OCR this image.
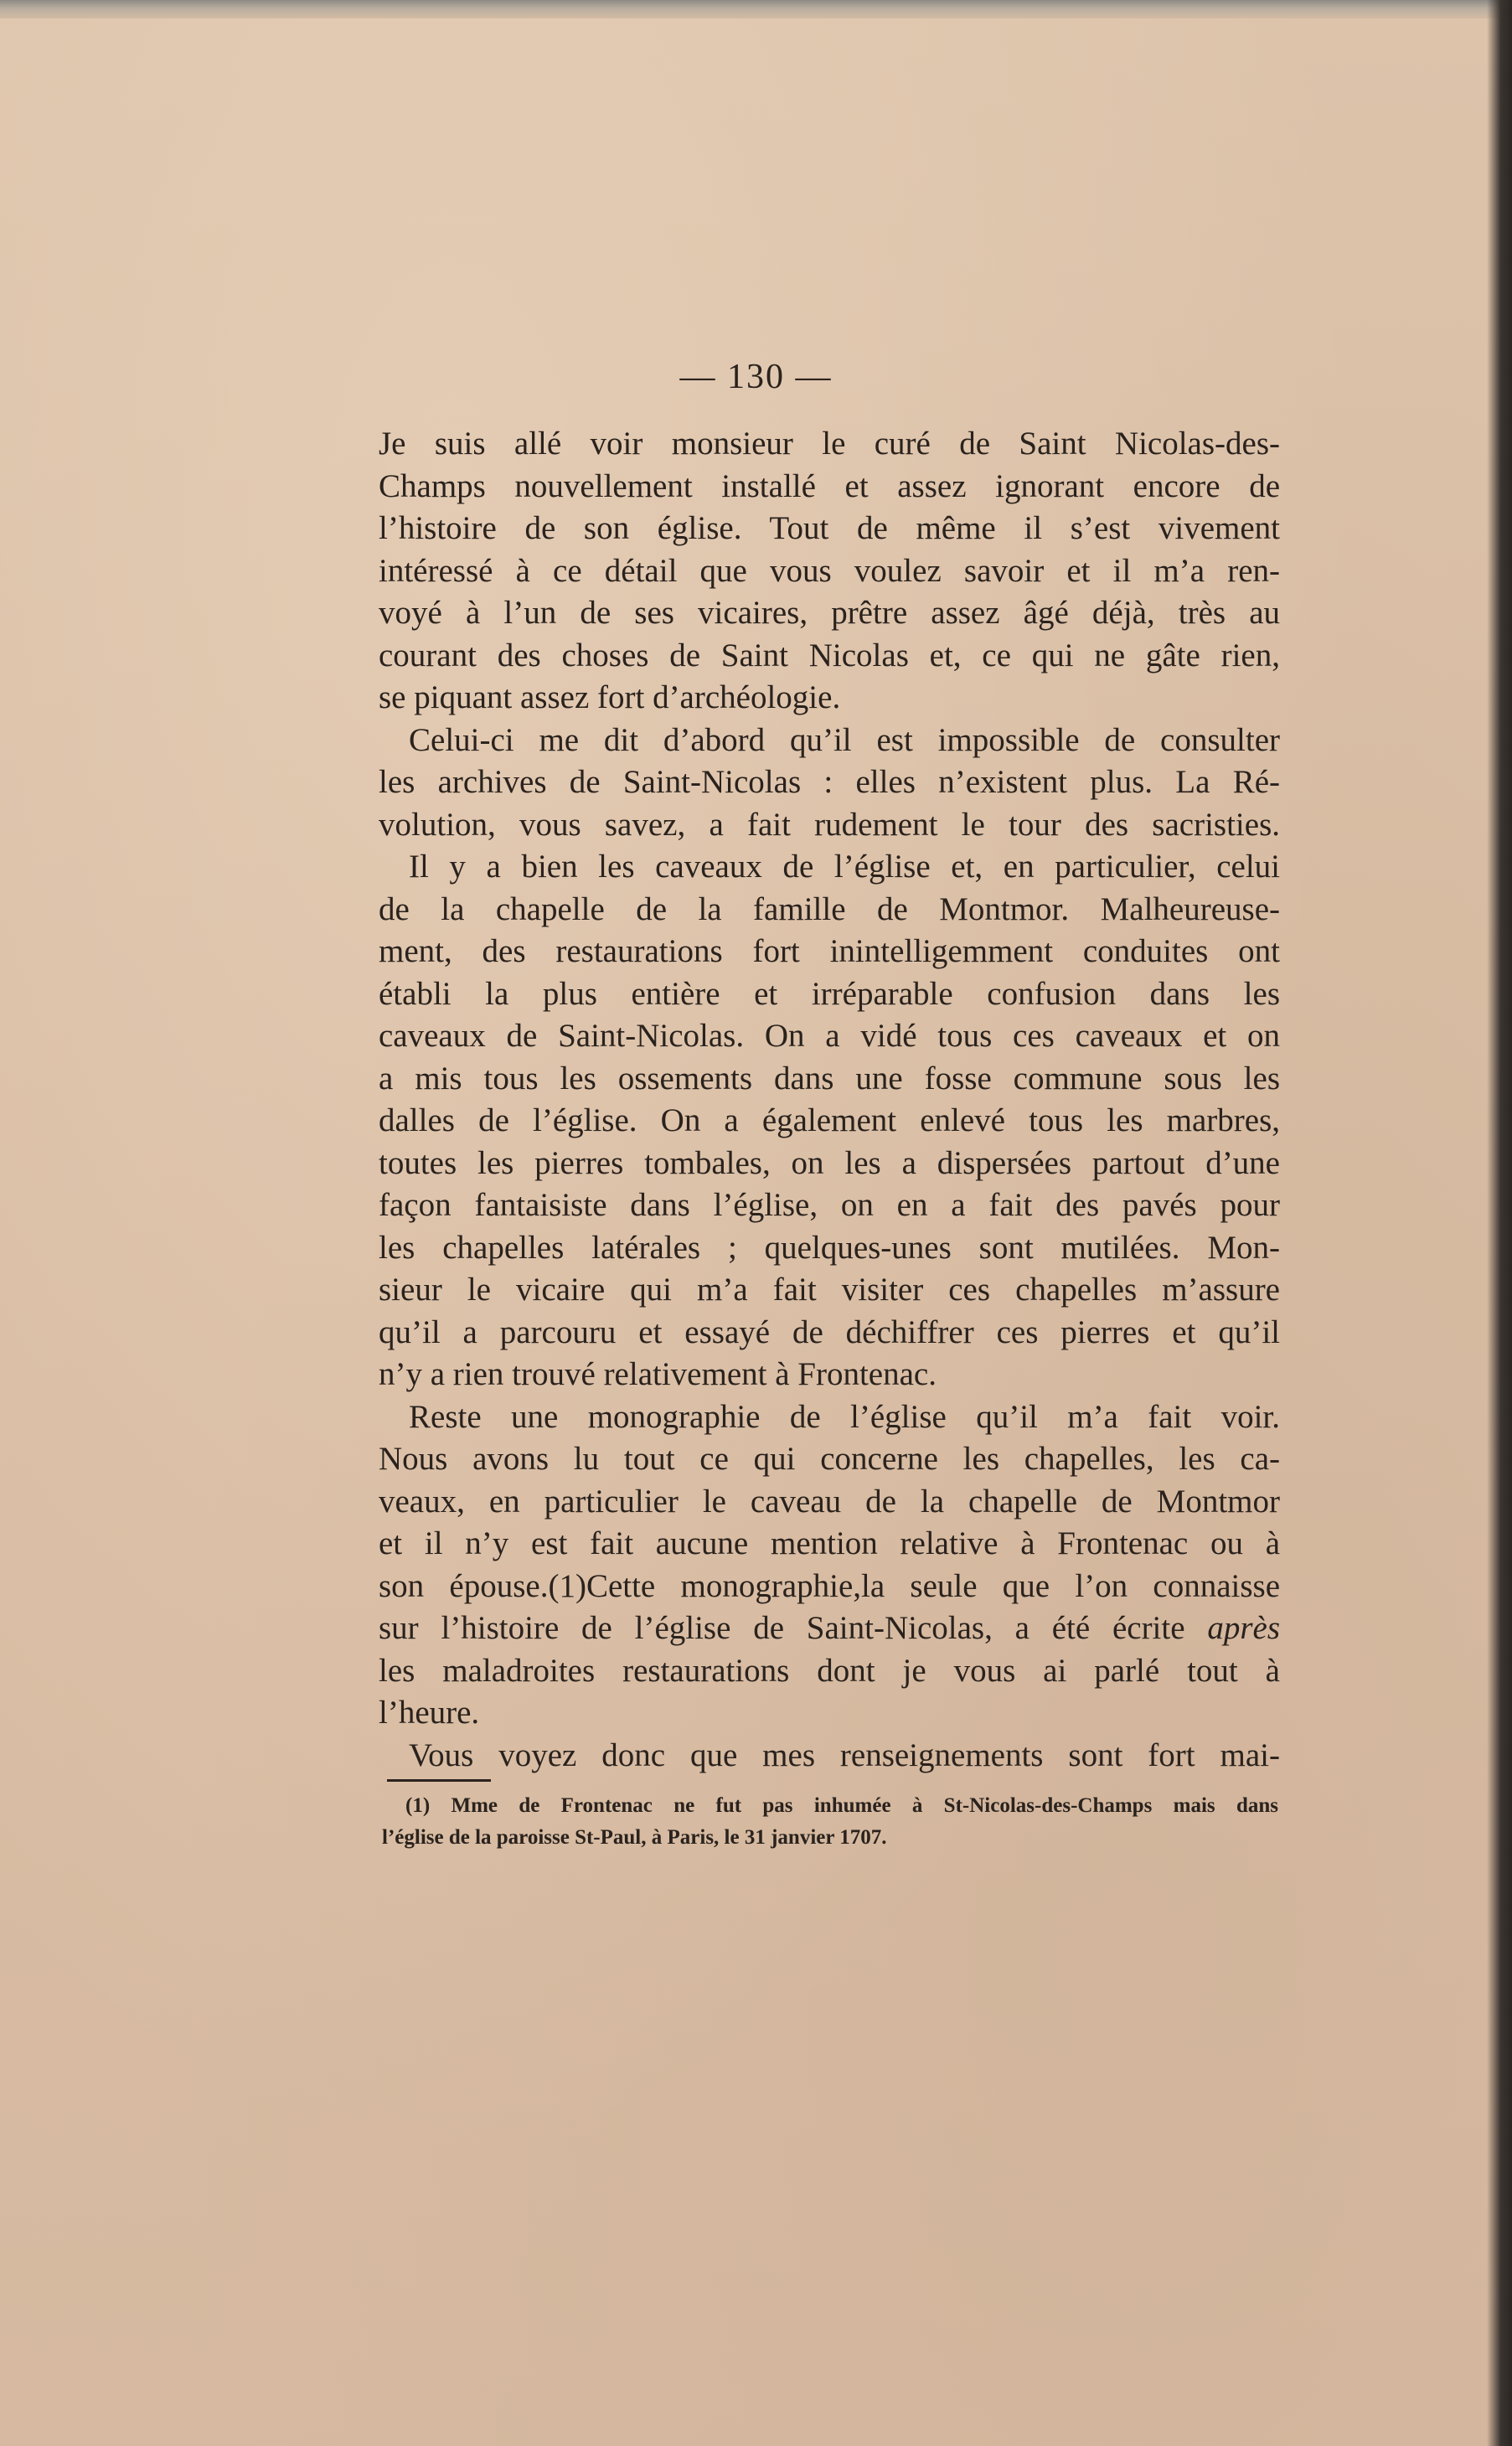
— 130 —
Je suis allé voir monsieur le curé de Saint Nicolas-des-
Champs nouvellement installé et assez ignorant encore de
l’histoire de son église. Tout de même il s’est vivement
intéressé à ce détail que vous voulez savoir et il m’a ren-
voyé à l’un de ses vicaires, prêtre assez âgé déjà, très au
courant des choses de Saint Nicolas et, ce qui ne gâte rien,
se piquant assez fort d’archéologie.
Celui-ci me dit d’abord qu’il est impossible de consulter
les archives de Saint-Nicolas : elles n’existent plus. La Ré-
volution, vous savez, a fait rudement le tour des sacristies.
Il y a bien les caveaux de l’église et, en particulier, celui
de la chapelle de la famille de Montmor. Malheureuse-
ment, des restaurations fort inintelligemment conduites ont
établi la plus entière et irréparable confusion dans les
caveaux de Saint-Nicolas. On a vidé tous ces caveaux et on
a mis tous les ossements dans une fosse commune sous les
dalles de l’église. On a également enlevé tous les marbres,
toutes les pierres tombales, on les a dispersées partout d’une
façon fantaisiste dans l’église, on en a fait des pavés pour
les chapelles latérales ; quelques-unes sont mutilées. Mon-
sieur le vicaire qui m’a fait visiter ces chapelles m’assure
qu’il a parcouru et essayé de déchiffrer ces pierres et qu’il
n’y a rien trouvé relativement à Frontenac.
Reste une monographie de l’église qu’il m’a fait voir.
Nous avons lu tout ce qui concerne les chapelles, les ca-
veaux, en particulier le caveau de la chapelle de Montmor
et il n’y est fait aucune mention relative à Frontenac ou à
son épouse.(1)Cette monographie,la seule que l’on connaisse
sur l’histoire de l’église de Saint-Nicolas, a été écrite après
les maladroites restaurations dont je vous ai parlé tout à
l’heure.
Vous voyez donc que mes renseignements sont fort mai-
(1) Mme de Frontenac ne fut pas inhumée à St-Nicolas-des-Champs mais dans
l’église de la paroisse St-Paul, à Paris, le 31 janvier 1707.
